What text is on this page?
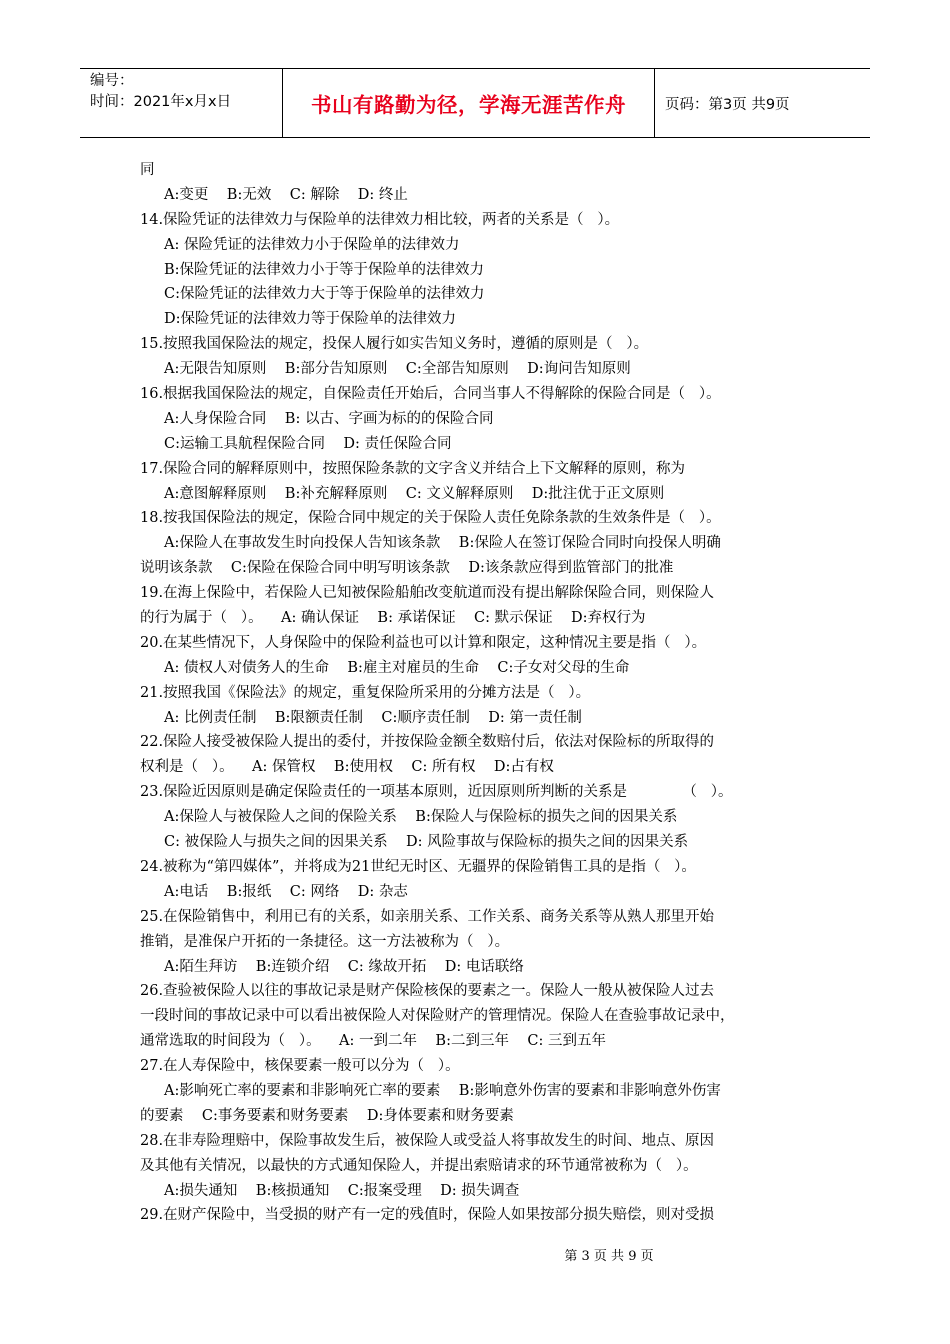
编号：
时间：2021年x月x日	书山有路勤为径，学海无涯苦作舟	页码：第3页 共9页
同
A:变更    B:无效    C: 解除    D: 终止
14.保险凭证的法律效力与保险单的法律效力相比较，两者的关系是（   ）。
A: 保险凭证的法律效力小于保险单的法律效力
B:保险凭证的法律效力小于等于保险单的法律效力
C:保险凭证的法律效力大于等于保险单的法律效力
D:保险凭证的法律效力等于保险单的法律效力
15.按照我国保险法的规定，投保人履行如实告知义务时，遵循的原则是（   ）。
A:无限告知原则    B:部分告知原则    C:全部告知原则    D:询问告知原则
16.根据我国保险法的规定，自保险责任开始后，合同当事人不得解除的保险合同是（   ）。
A:人身保险合同    B: 以古、字画为标的的保险合同
C:运输工具航程保险合同    D: 责任保险合同
17.保险合同的解释原则中，按照保险条款的文字含义并结合上下文解释的原则，称为
A:意图解释原则    B:补充解释原则    C: 文义解释原则    D:批注优于正文原则
18.按我国保险法的规定，保险合同中规定的关于保险人责任免除条款的生效条件是（   ）。
A:保险人在事故发生时向投保人告知该条款    B:保险人在签订保险合同时向投保人明确
说明该条款    C:保险在保险合同中明写明该条款    D:该条款应得到监管部门的批准
19.在海上保险中，若保险人已知被保险船舶改变航道而没有提出解除保险合同，则保险人
的行为属于（   ）。    A: 确认保证    B: 承诺保证    C: 默示保证    D:弃权行为
20.在某些情况下，人身保险中的保险利益也可以计算和限定，这种情况主要是指（   ）。
A: 债权人对债务人的生命    B:雇主对雇员的生命    C:子女对父母的生命
21.按照我国《保险法》的规定，重复保险所采用的分摊方法是（   ）。
A: 比例责任制    B:限额责任制    C:顺序责任制    D: 第一责任制
22.保险人接受被保险人提出的委付，并按保险金额全数赔付后，依法对保险标的所取得的
权利是（   ）。    A: 保管权    B:使用权    C: 所有权    D:占有权
23.保险近因原则是确定保险责任的一项基本原则，近因原则所判断的关系是            （   ）。
A:保险人与被保险人之间的保险关系    B:保险人与保险标的损失之间的因果关系
C: 被保险人与损失之间的因果关系    D: 风险事故与保险标的损失之间的因果关系
24.被称为“第四媒体”，并将成为21世纪无时区、无疆界的保险销售工具的是指（   ）。
A:电话    B:报纸    C: 网络    D: 杂志
25.在保险销售中，利用已有的关系，如亲朋关系、工作关系、商务关系等从熟人那里开始
推销，是准保户开拓的一条捷径。这一方法被称为（   ）。
A:陌生拜访    B:连锁介绍    C: 缘故开拓    D: 电话联络
26.查验被保险人以往的事故记录是财产保险核保的要素之一。保险人一般从被保险人过去
一段时间的事故记录中可以看出被保险人对保险财产的管理情况。保险人在查验事故记录中，
通常选取的时间段为（   ）。    A: 一到二年    B:二到三年    C: 三到五年
27.在人寿保险中，核保要素一般可以分为（   ）。
A:影响死亡率的要素和非影响死亡率的要素    B:影响意外伤害的要素和非影响意外伤害
的要素    C:事务要素和财务要素    D:身体要素和财务要素
28.在非寿险理赔中，保险事故发生后，被保险人或受益人将事故发生的时间、地点、原因
及其他有关情况，以最快的方式通知保险人，并提出索赔请求的环节通常被称为（   ）。
A:损失通知    B:核损通知    C:报案受理    D: 损失调查
29.在财产保险中，当受损的财产有一定的残值时，保险人如果按部分损失赔偿，则对受损
第 3 页 共 9 页
